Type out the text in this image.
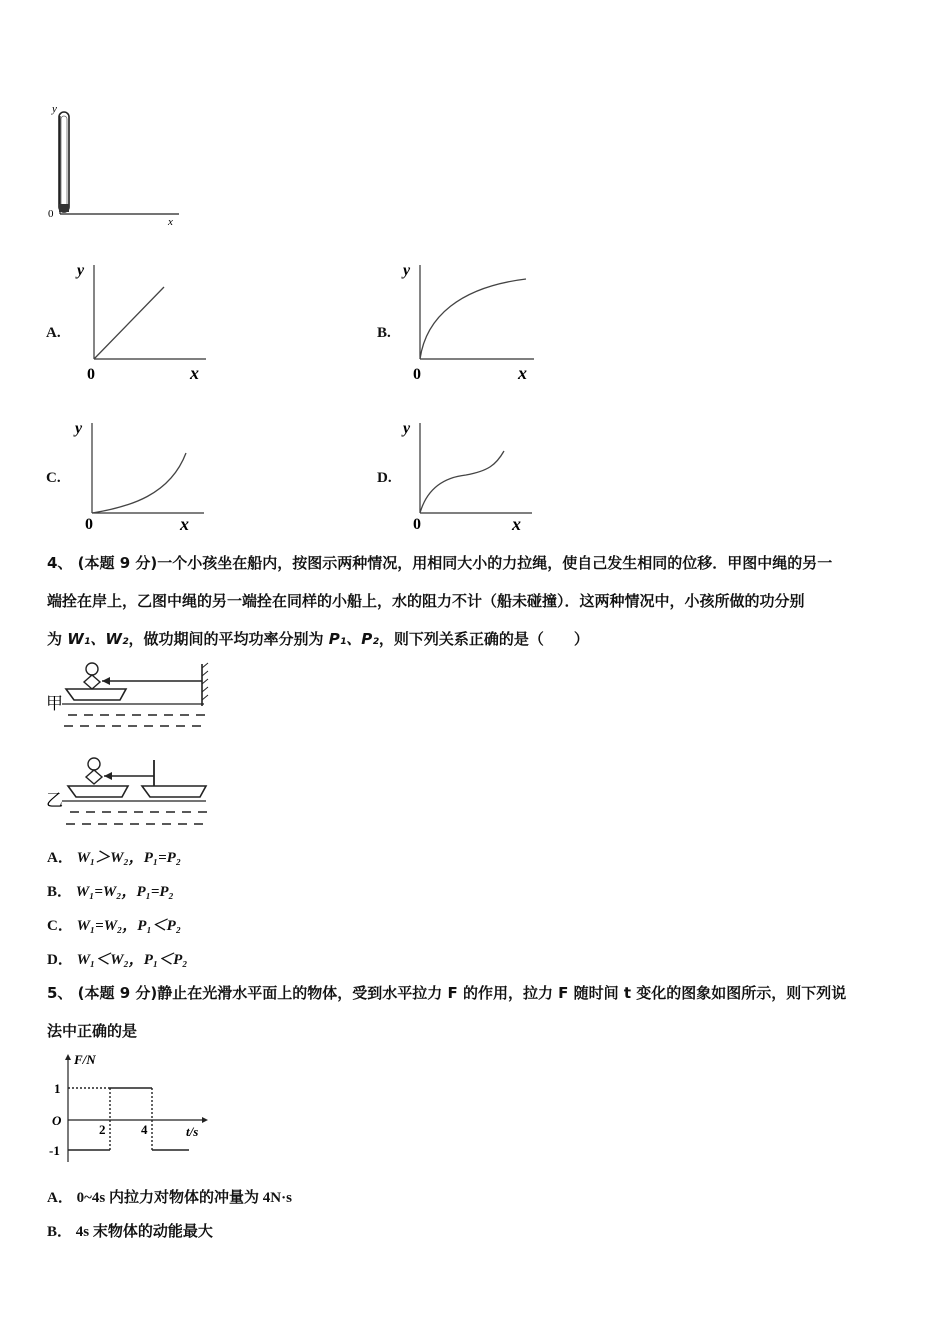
y
0
x
A.
y
0	x
B.
y
0	x
C.
y
0	x
D.
y
0	x
4、 (本题 9 分)一个小孩坐在船内，按图示两种情况，用相同大小的力拉绳，使自己发生相同的位移．甲图中绳的另一
端拴在岸上，乙图中绳的另一端拴在同样的小船上，水的阻力不计（船未碰撞）．这两种情况中，小孩所做的功分别
为 W₁、W₂，做功期间的平均功率分别为 P₁、P₂，则下列关系正确的是（　　）
甲
乙
A． W₁＞W₂，P₁=P₂
B． W₁=W₂，P₁=P₂
C． W₁=W₂，P₁＜P₂
D． W₁＜W₂，P₁＜P₂
5、 (本题 9 分)静止在光滑水平面上的物体，受到水平拉力 F 的作用，拉力 F 随时间 t 变化的图象如图所示，则下列说
法中正确的是
F/N
1
O
-1
2	4	t/s
A． 0~4s 内拉力对物体的冲量为 4N·s
B． 4s 末物体的动能最大
